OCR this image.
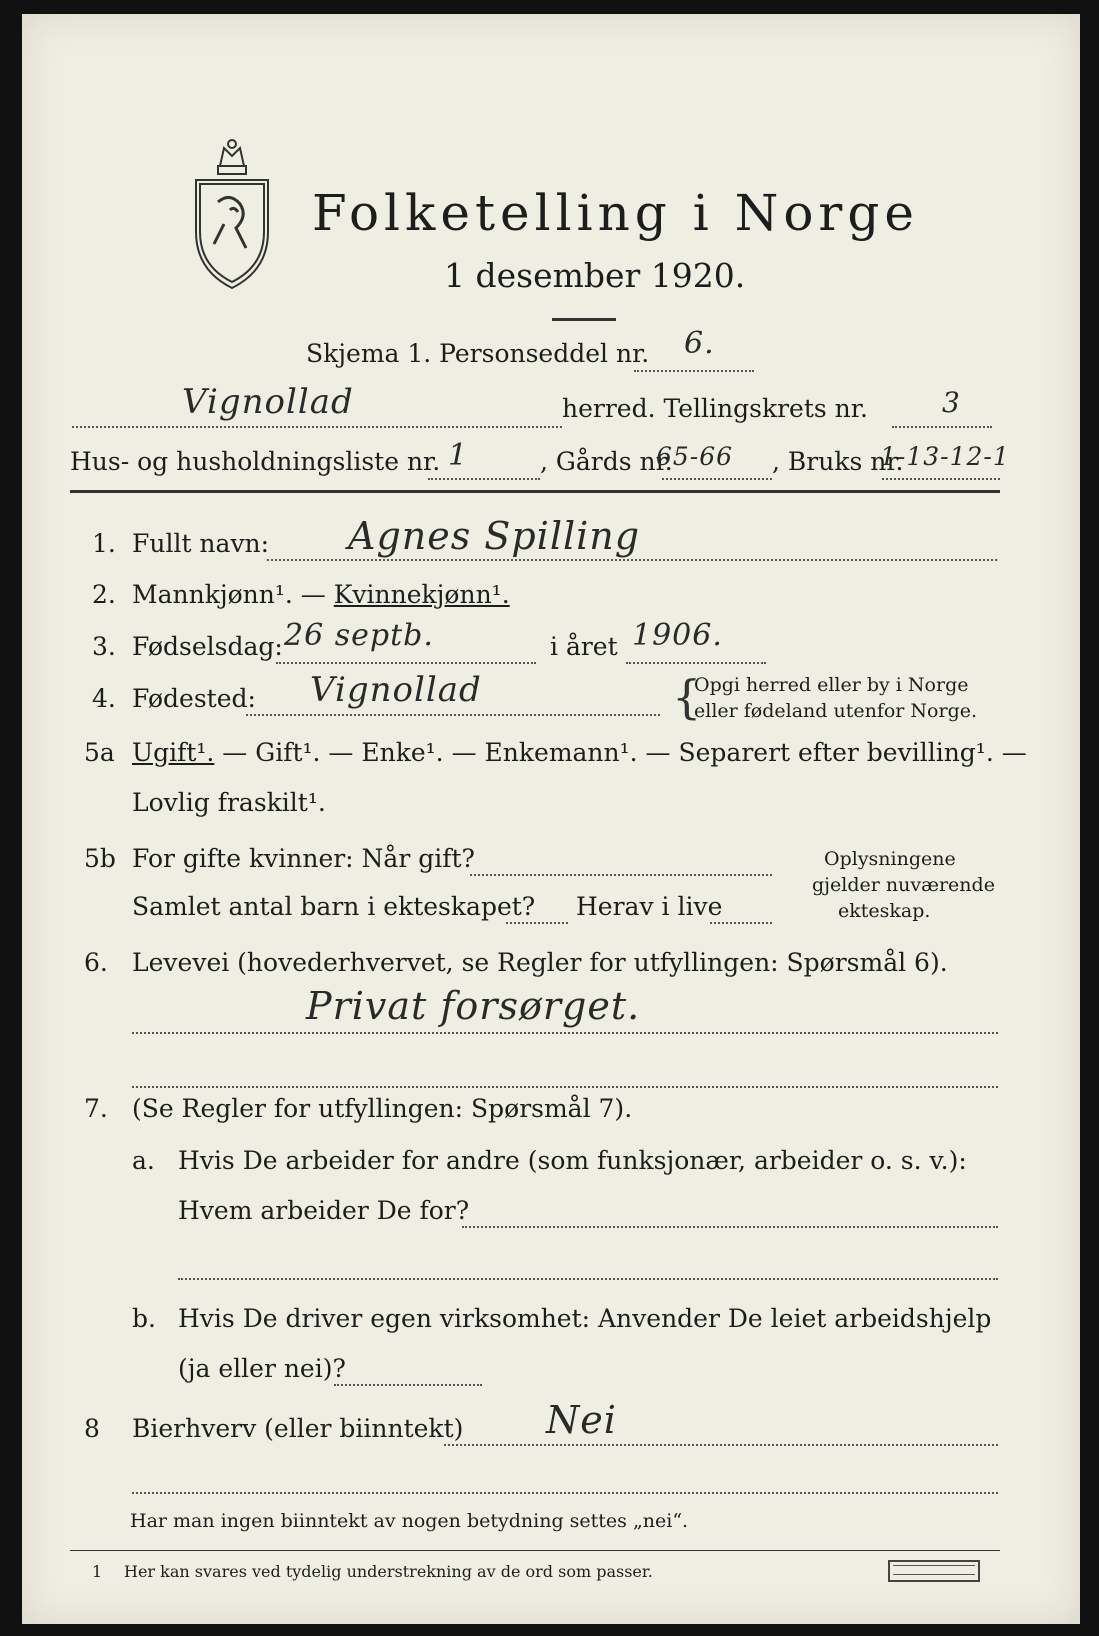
Folketelling i Norge
1 desember 1920.
Skjema 1. Personseddel nr. 6.
Vignollad	herred. Tellingskrets nr.	3
Hus- og husholdningsliste nr. 1	, Gårds nr.
65-66 , Bruks nr.
1-13-12-1
1. Fullt navn: Agnes Spilling
2. Mannkjønn¹. — Kvinnekjønn¹.
3. Fødselsdag: 26 septb.	i året 1906.
4. Fødested: Vignollad	{
Opgi herred eller by i Norge
eller fødeland utenfor Norge.
5a Ugift¹. — Gift¹. — Enke¹. — Enkemann¹. — Separert efter bevilling¹. —
Lovlig fraskilt¹.
5b For gifte kvinner: Når gift?
Samlet antal barn i ekteskapet? Herav i live
Oplysningene
gjelder nuværende
ekteskap.
6. Levevei (hovederhvervet, se Regler for utfyllingen: Spørsmål 6).
Privat forsørget.
7. (Se Regler for utfyllingen: Spørsmål 7).
a. Hvis De arbeider for andre (som funksjonær, arbeider o. s. v.):
Hvem arbeider De for?
b. Hvis De driver egen virksomhet: Anvender De leiet arbeidshjelp
(ja eller nei)?
8 Bierhverv (eller biinntekt) Nei
Har man ingen biinntekt av nogen betydning settes „nei“.
1 Her kan svares ved tydelig understrekning av de ord som passer.
